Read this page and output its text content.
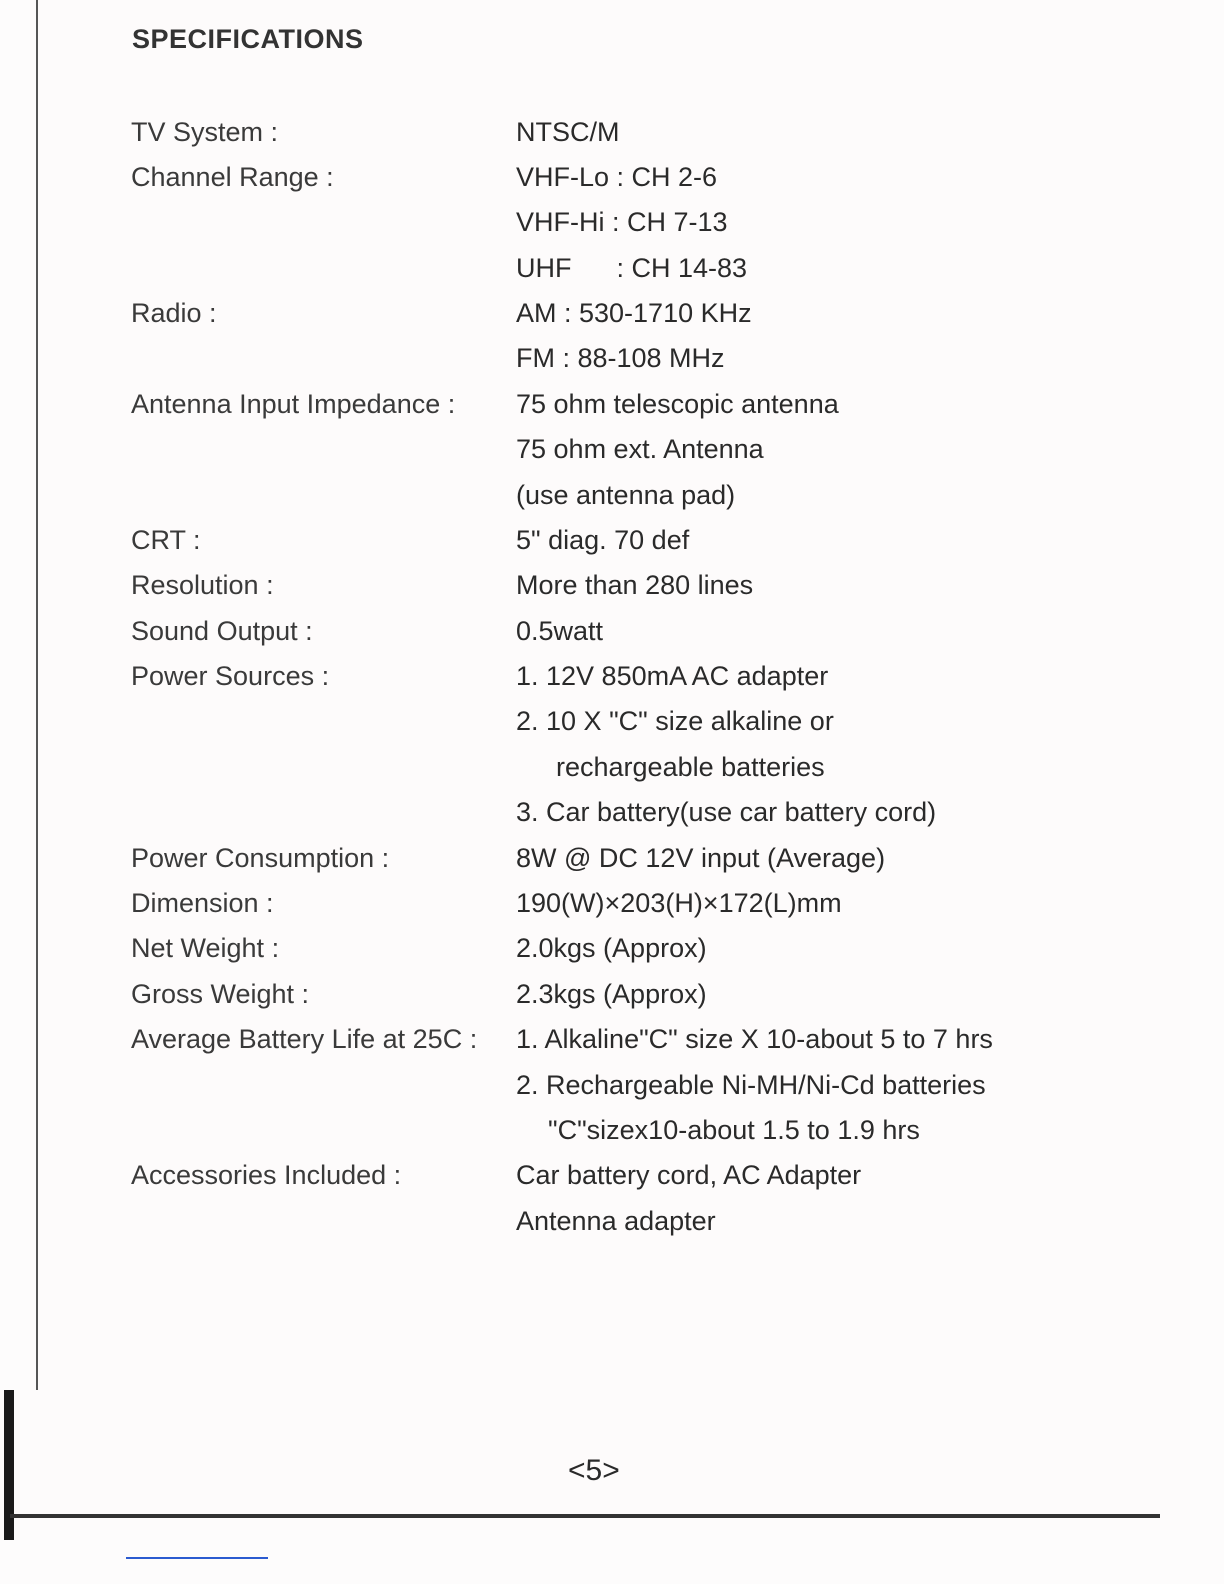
SPECIFICATIONS
TV System :	NTSC/M
Channel Range :	VHF-Lo : CH 2-6
VHF-Hi : CH 7-13
UHF      : CH 14-83
Radio :	AM : 530-1710 KHz
FM : 88-108 MHz
Antenna Input Impedance : 75 ohm telescopic antenna
75 ohm ext. Antenna
(use antenna pad)
CRT :	5" diag. 70 def
Resolution :	More than 280 lines
Sound Output :	0.5watt
Power Sources :	1. 12V 850mA AC adapter
2. 10 X "C" size alkaline or
rechargeable batteries
3. Car battery(use car battery cord)
Power Consumption :	8W @ DC 12V input (Average)
Dimension :	190(W)×203(H)×172(L)mm
Net Weight :	2.0kgs (Approx)
Gross Weight :	2.3kgs (Approx)
Average Battery Life at 25C : 1. Alkaline"C" size X 10-about 5 to 7 hrs
2. Rechargeable Ni-MH/Ni-Cd batteries
"C"sizex10-about 1.5 to 1.9 hrs
Accessories Included :	Car battery cord, AC Adapter
Antenna adapter
<5>
